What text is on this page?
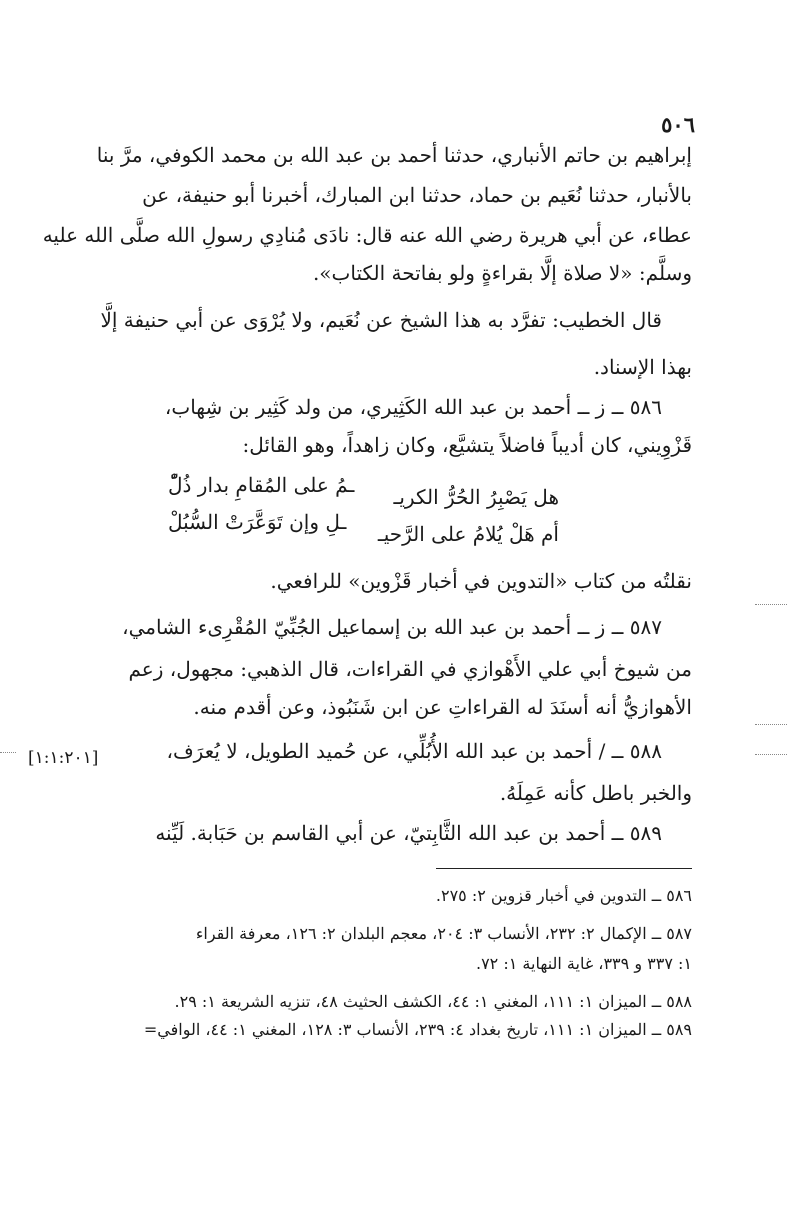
٥٠٦
إبراهيم بن حاتم الأنباري، حدثنا أحمد بن عبد الله بن محمد الكوفي، مرَّ بنا
بالأنبار، حدثنا نُعَيم بن حماد، حدثنا ابن المبارك، أخبرنا أبو حنيفة، عن
عطاء، عن أبي هريرة رضي الله عنه قال: نادَى مُنادِي رسولِ الله صلَّى الله عليه
وسلَّم: «لا صلاة إلَّا بقراءةٍ ولو بفاتحة الكتاب».
قال الخطيب: تفرَّد به هذا الشيخ عن نُعَيم، ولا يُرْوَى عن أبي حنيفة إلَّا
بهذا الإسناد.
٥٨٦ ــ ز ــ أحمد بن عبد الله الكَثِيري، من ولد كَثِير بن شِهاب،
قَزْوِيني، كان أديباً فاضلاً يتشيَّع، وكان زاهداً، وهو القائل:
هل يَصْبِرُ الحُرُّ الكريـ
ـمُ على المُقامِ بدار ذُلّْ
أم هَلْ يُلامُ على الرَّحيـ
ـلِ وإن تَوَعَّرَتْ السُّبُلْ
نقلتُه من كتاب «التدوين في أخبار قَزْوين» للرافعي.
٥٨٧ ــ ز ــ أحمد بن عبد الله بن إسماعيل الجُبِّيّ المُقْرِىء الشامي،
من شيوخ أبي علي الأَهْوازي في القراءات، قال الذهبي: مجهول، زعم
الأهوازيُّ أنه أسنَدَ له القراءاتِ عن ابن شَنَبُوذ، وعن أقدم منه.
٥٨٨ ــ / أحمد بن عبد الله الأُبُلِّي، عن حُميد الطويل، لا يُعرَف،
والخبر باطل كأنه عَمِلَهُ.
٥٨٩ ــ أحمد بن عبد الله الثَّابِتيّ، عن أبي القاسم بن حَبَابة. لَيِّنه
[١:١:٢٠١]
٥٨٦ ــ التدوين في أخبار قزوين ٢: ٢٧٥.
٥٨٧ ــ الإكمال ٢: ٢٣٢، الأنساب ٣: ٢٠٤، معجم البلدان ٢: ١٢٦، معرفة القراء
١: ٣٣٧ و ٣٣٩، غاية النهاية ١: ٧٢.
٥٨٨ ــ الميزان ١: ١١١، المغني ١: ٤٤، الكشف الحثيث ٤٨، تنزيه الشريعة ١: ٢٩.
٥٨٩ ــ الميزان ١: ١١١، تاريخ بغداد ٤: ٢٣٩، الأنساب ٣: ١٢٨، المغني ١: ٤٤، الوافي=
